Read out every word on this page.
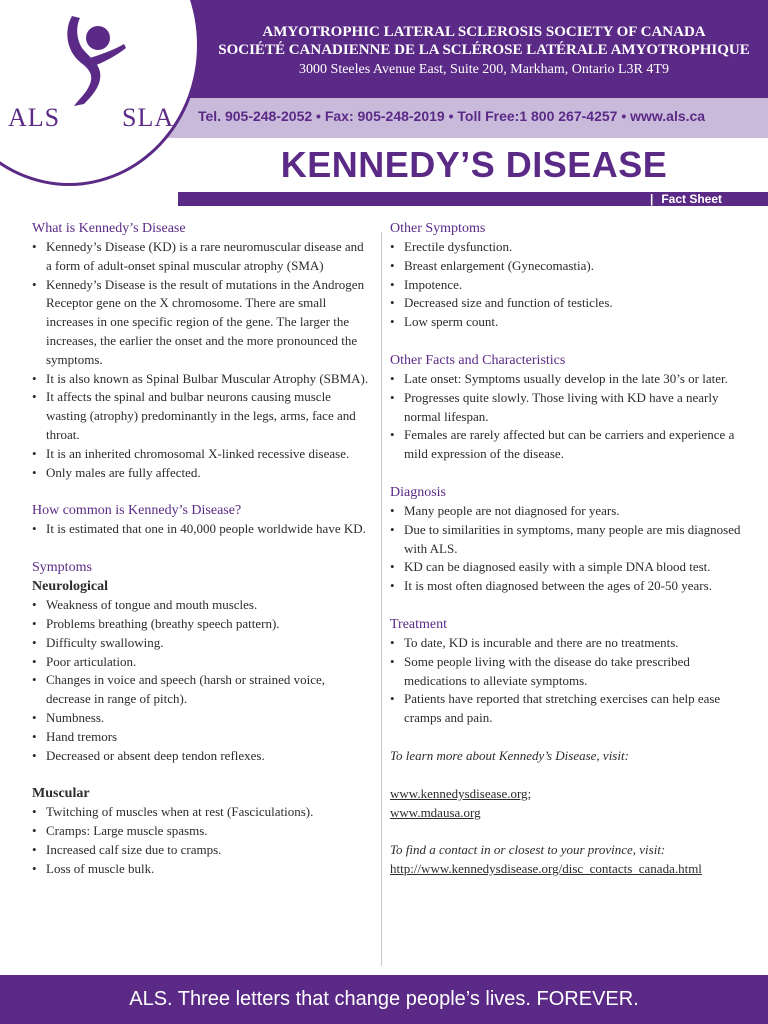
ALS SLA
AMYOTROPHIC LATERAL SCLEROSIS SOCIETY OF CANADA
SOCIÉTÉ CANADIENNE DE LA SCLÉROSE LATÉRALE AMYOTROPHIQUE
3000 Steeles Avenue East, Suite 200, Markham, Ontario L3R 4T9
Tel. 905-248-2052 • Fax: 905-248-2019 • Toll Free:1 800 267-4257 • www.als.ca
KENNEDY’S DISEASE
| Fact Sheet
What is Kennedy’s Disease
• Kennedy’s Disease (KD) is a rare neuromuscular disease and a form of adult-onset spinal muscular atrophy (SMA)
• Kennedy’s Disease is the result of mutations in the Androgen Receptor gene on the X chromosome. There are small increases in one specific region of the gene. The larger the increases, the earlier the onset and the more pronounced the symptoms.
• It is also known as Spinal Bulbar Muscular Atrophy (SBMA).
• It affects the spinal and bulbar neurons causing muscle wasting (atrophy) predominantly in the legs, arms, face and throat.
• It is an inherited chromosomal X-linked recessive disease.
• Only males are fully affected.
How common is Kennedy’s Disease?
• It is estimated that one in 40,000 people worldwide have KD.
Symptoms
Neurological
• Weakness of tongue and mouth muscles.
• Problems breathing (breathy speech pattern).
• Difficulty swallowing.
• Poor articulation.
• Changes in voice and speech (harsh or strained voice, decrease in range of pitch).
• Numbness.
• Hand tremors
• Decreased or absent deep tendon reflexes.
Muscular
• Twitching of muscles when at rest (Fasciculations).
• Cramps: Large muscle spasms.
• Increased calf size due to cramps.
• Loss of muscle bulk.
Other Symptoms
• Erectile dysfunction.
• Breast enlargement (Gynecomastia).
• Impotence.
• Decreased size and function of testicles.
• Low sperm count.
Other Facts and Characteristics
• Late onset: Symptoms usually develop in the late 30’s or later.
• Progresses quite slowly. Those living with KD have a nearly normal lifespan.
• Females are rarely affected but can be carriers and experience a mild expression of the disease.
Diagnosis
• Many people are not diagnosed for years.
• Due to similarities in symptoms, many people are mis diagnosed with ALS.
• KD can be diagnosed easily with a simple DNA blood test.
• It is most often diagnosed between the ages of 20-50 years.
Treatment
• To date, KD is incurable and there are no treatments.
• Some people living with the disease do take prescribed medications to alleviate symptoms.
• Patients have reported that stretching exercises can help ease cramps and pain.
To learn more about Kennedy’s Disease, visit:
www.kennedysdisease.org;
www.mdausa.org
To find a contact in or closest to your province, visit:
http://www.kennedysdisease.org/disc_contacts_canada.html
ALS. Three letters that change people’s lives. FOREVER.
